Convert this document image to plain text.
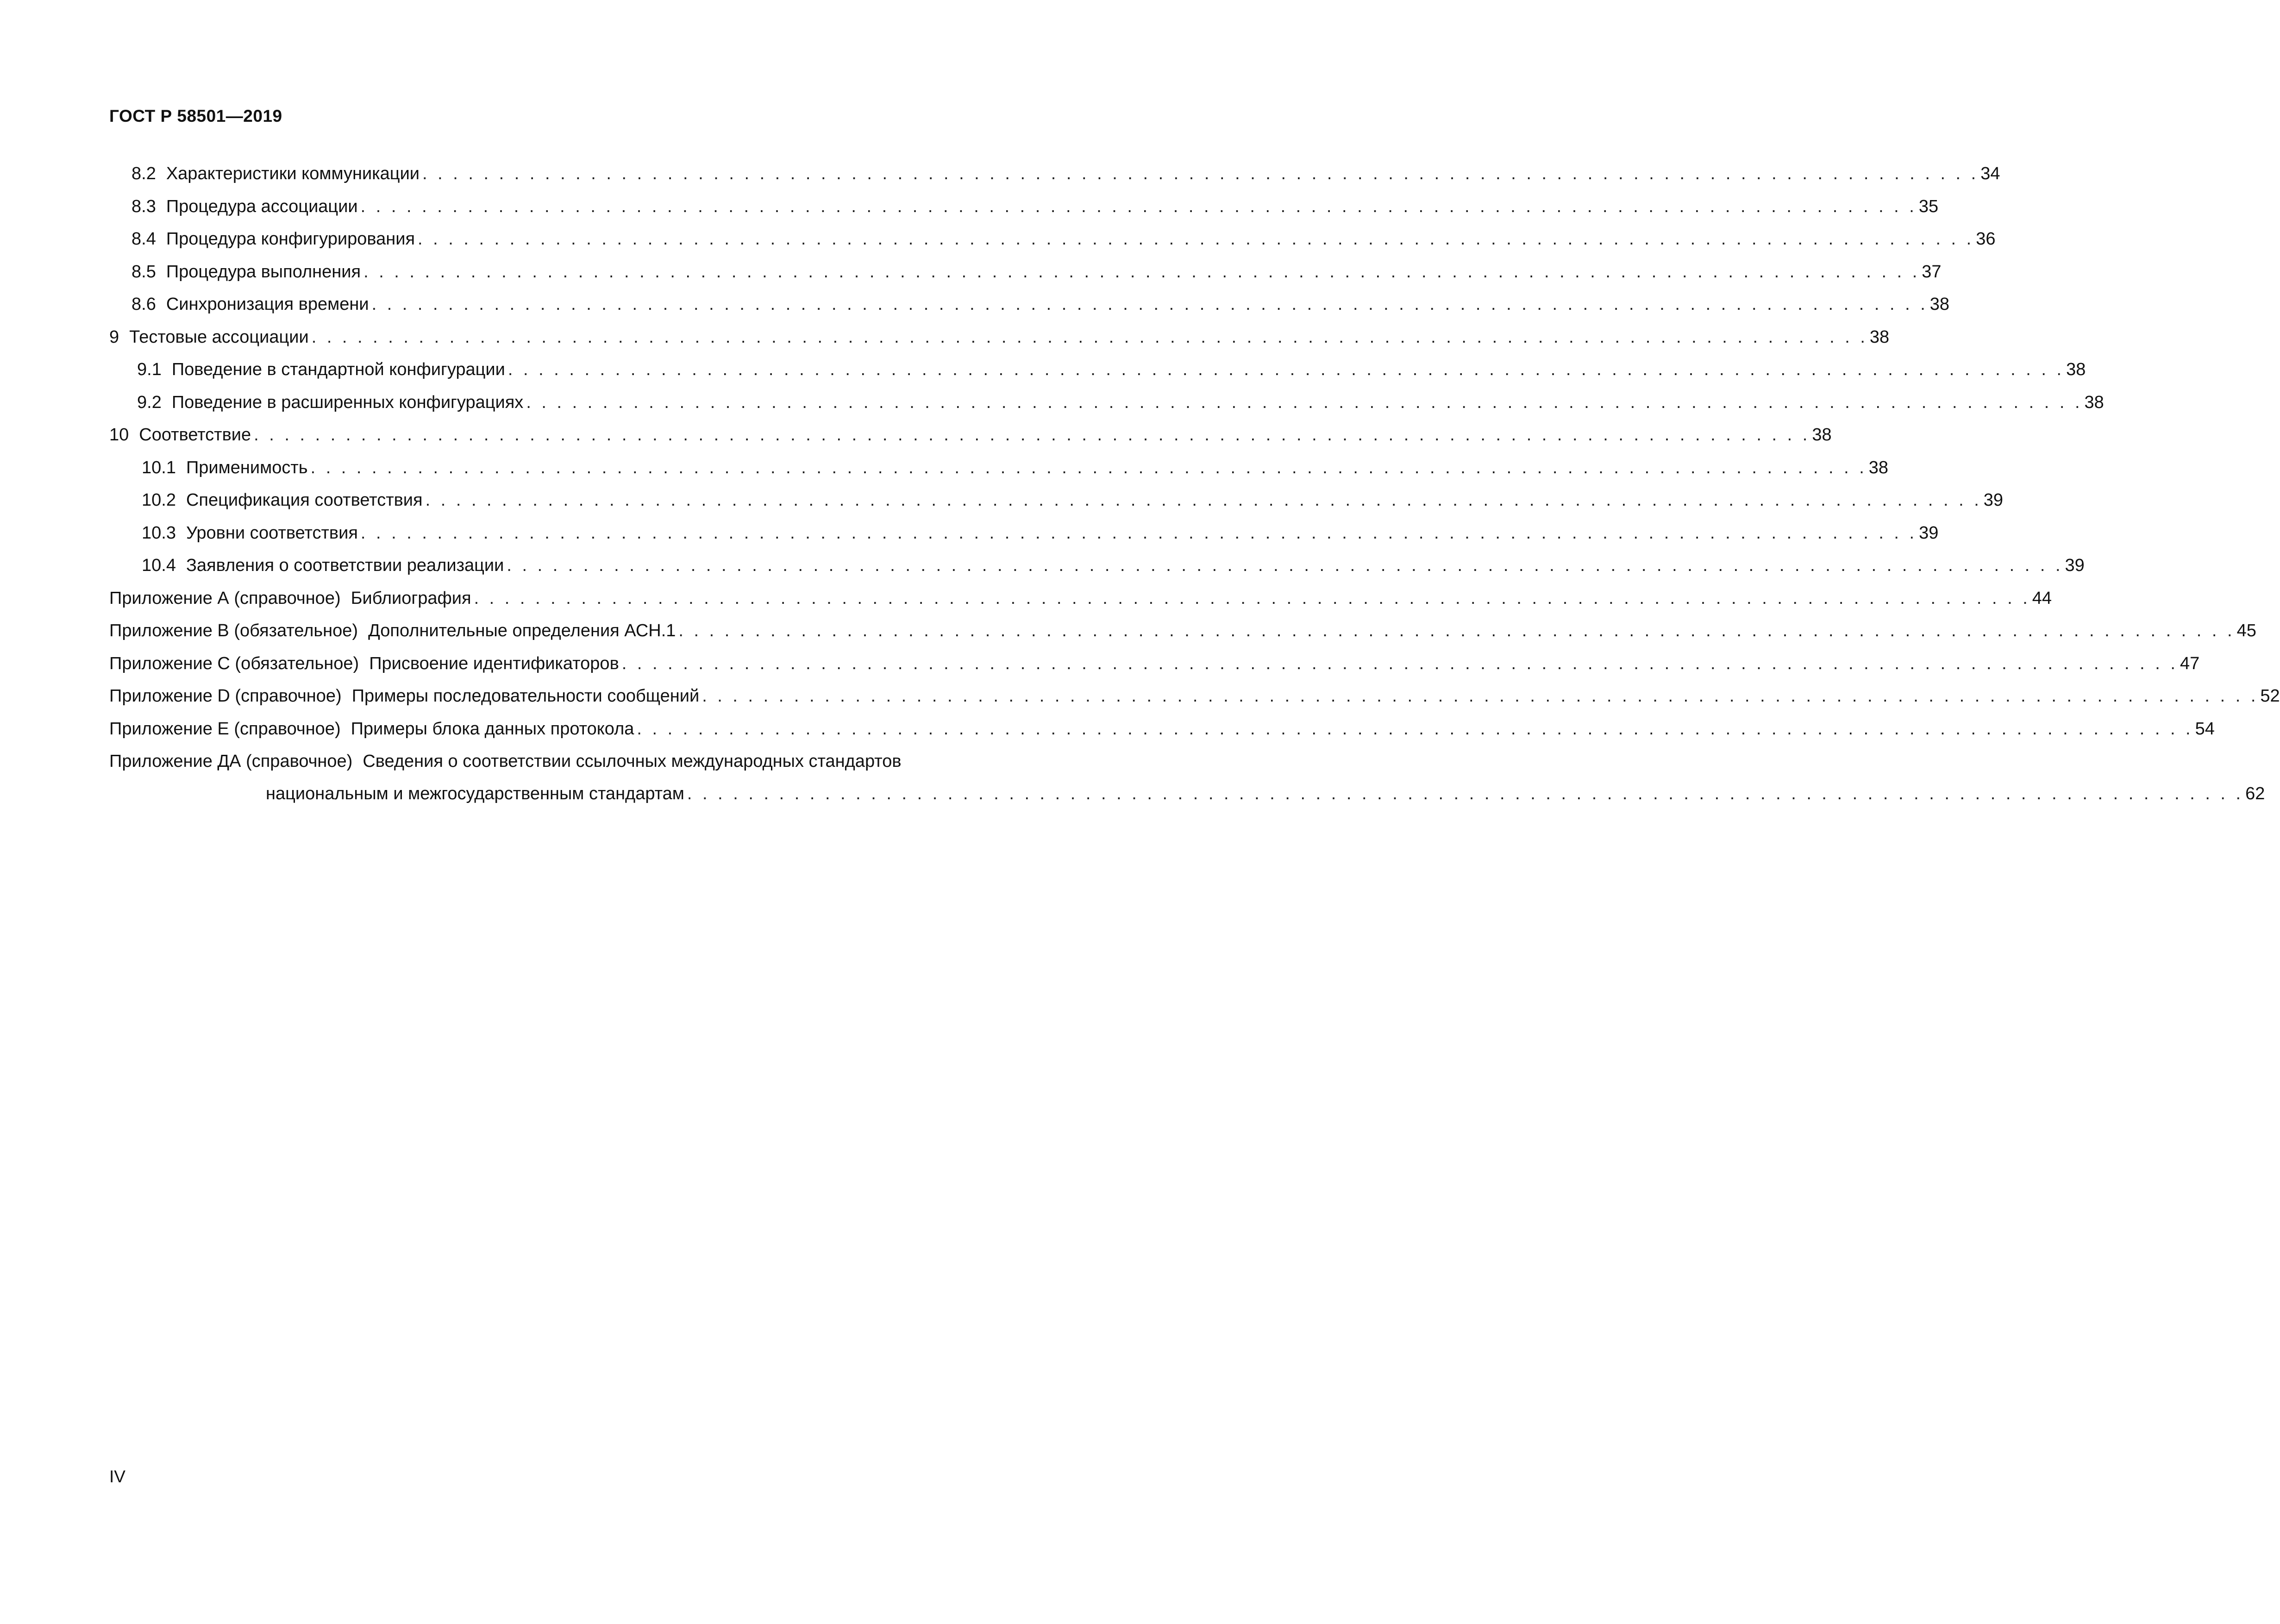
ГОСТ Р 58501—2019

8.2 Характеристики коммуникации . . . . . . . . . . . . . . . . . . . . . . . . . . . . . . . . . . . . . . . . . . . . . . . . . . . . . . . . . . . . . . . . . . . . . . . . . . . . . . . . . . . . . . . . . . . . . . . . . . . . . . 34
8.3 Процедура ассоциации . . . . . . . . . . . . . . . . . . . . . . . . . . . . . . . . . . . . . . . . . . . . . . . . . . . . . . . . . . . . . . . . . . . . . . . . . . . . . . . . . . . . . . . . . . . . . . . . . . . . . . 35
8.4 Процедура конфигурирования . . . . . . . . . . . . . . . . . . . . . . . . . . . . . . . . . . . . . . . . . . . . . . . . . . . . . . . . . . . . . . . . . . . . . . . . . . . . . . . . . . . . . . . . . . . . . . . . . . . . . . 36
8.5 Процедура выполнения . . . . . . . . . . . . . . . . . . . . . . . . . . . . . . . . . . . . . . . . . . . . . . . . . . . . . . . . . . . . . . . . . . . . . . . . . . . . . . . . . . . . . . . . . . . . . . . . . . . . . . 37
8.6 Синхронизация времени . . . . . . . . . . . . . . . . . . . . . . . . . . . . . . . . . . . . . . . . . . . . . . . . . . . . . . . . . . . . . . . . . . . . . . . . . . . . . . . . . . . . . . . . . . . . . . . . . . . . . . 38
9 Тестовые ассоциации . . . . . . . . . . . . . . . . . . . . . . . . . . . . . . . . . . . . . . . . . . . . . . . . . . . . . . . . . . . . . . . . . . . . . . . . . . . . . . . . . . . . . . . . . . . . . . . . . . . . . . 38
9.1 Поведение в стандартной конфигурации . . . . . . . . . . . . . . . . . . . . . . . . . . . . . . . . . . . . . . . . . . . . . . . . . . . . . . . . . . . . . . . . . . . . . . . . . . . . . . . . . . . . . . . . . . . . . . . . . . . . . . 38
9.2 Поведение в расширенных конфигурациях . . . . . . . . . . . . . . . . . . . . . . . . . . . . . . . . . . . . . . . . . . . . . . . . . . . . . . . . . . . . . . . . . . . . . . . . . . . . . . . . . . . . . . . . . . . . . . . . . . . . . . 38
10 Соответствие . . . . . . . . . . . . . . . . . . . . . . . . . . . . . . . . . . . . . . . . . . . . . . . . . . . . . . . . . . . . . . . . . . . . . . . . . . . . . . . . . . . . . . . . . . . . . . . . . . . . . . 38
10.1 Применимость . . . . . . . . . . . . . . . . . . . . . . . . . . . . . . . . . . . . . . . . . . . . . . . . . . . . . . . . . . . . . . . . . . . . . . . . . . . . . . . . . . . . . . . . . . . . . . . . . . . . . . 38
10.2 Спецификация соответствия . . . . . . . . . . . . . . . . . . . . . . . . . . . . . . . . . . . . . . . . . . . . . . . . . . . . . . . . . . . . . . . . . . . . . . . . . . . . . . . . . . . . . . . . . . . . . . . . . . . . . . 39
10.3 Уровни соответствия . . . . . . . . . . . . . . . . . . . . . . . . . . . . . . . . . . . . . . . . . . . . . . . . . . . . . . . . . . . . . . . . . . . . . . . . . . . . . . . . . . . . . . . . . . . . . . . . . . . . . . 39
10.4 Заявления о соответствии реализации . . . . . . . . . . . . . . . . . . . . . . . . . . . . . . . . . . . . . . . . . . . . . . . . . . . . . . . . . . . . . . . . . . . . . . . . . . . . . . . . . . . . . . . . . . . . . . . . . . . . . . 39
Приложение А (справочное) Библиография . . . . . . . . . . . . . . . . . . . . . . . . . . . . . . . . . . . . . . . . . . . . . . . . . . . . . . . . . . . . . . . . . . . . . . . . . . . . . . . . . . . . . . . . . . . . . . . . . . . . . . 44
Приложение В (обязательное) Дополнительные определения АСН.1 . . . . . . . . . . . . . . . . . . . . . . . . . . . . . . . . . . . . . . . . . . . . . . . . . . . . . . . . . . . . . . . . . . . . . . . . . . . . . . . . . . . . . . . . . . . . . . . . . . . . . . 45
Приложение С (обязательное) Присвоение идентификаторов . . . . . . . . . . . . . . . . . . . . . . . . . . . . . . . . . . . . . . . . . . . . . . . . . . . . . . . . . . . . . . . . . . . . . . . . . . . . . . . . . . . . . . . . . . . . . . . . . . . . . . 47
Приложение D (справочное) Примеры последовательности сообщений . . . . . . . . . . . . . . . . . . . . . . . . . . . . . . . . . . . . . . . . . . . . . . . . . . . . . . . . . . . . . . . . . . . . . . . . . . . . . . . . . . . . . . . . . . . . . . . . . . . . . . 52
Приложение Е (справочное) Примеры блока данных протокола . . . . . . . . . . . . . . . . . . . . . . . . . . . . . . . . . . . . . . . . . . . . . . . . . . . . . . . . . . . . . . . . . . . . . . . . . . . . . . . . . . . . . . . . . . . . . . . . . . . . . . 54
Приложение ДА (справочное) Сведения о соответствии ссылочных международных стандартов
национальным и межгосударственным стандартам . . . . . . . . . . . . . . . . . . . . . . . . . . . . . . . . . . . . . . . . . . . . . . . . . . . . . . . . . . . . . . . . . . . . . . . . . . . . . . . . . . . . . . . . . . . . . . . . . . . . . . 62

IV
